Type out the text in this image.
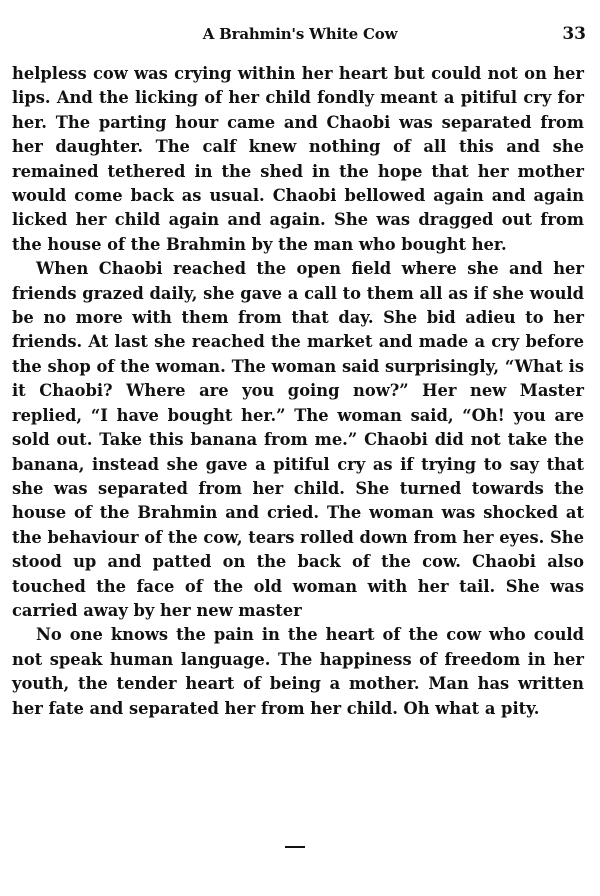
A Brahmin's White Cow	33

helpless cow was crying within her heart but could not on her lips. And the licking of her child fondly meant a pitiful cry for her. The parting hour came and Chaobi was separated from her daughter. The calf knew nothing of all this and she remained tethered in the shed in the hope that her mother would come back as usual. Chaobi bellowed again and again licked her child again and again. She was dragged out from the house of the Brahmin by the man who bought her.

When Chaobi reached the open field where she and her friends grazed daily, she gave a call to them all as if she would be no more with them from that day. She bid adieu to her friends. At last she reached the market and made a cry before the shop of the woman. The woman said surprisingly, “What is it Chaobi? Where are you going now?” Her new Master replied, “I have bought her.” The woman said, “Oh! you are sold out. Take this banana from me.” Chaobi did not take the banana, instead she gave a pitiful cry as if trying to say that she was separated from her child. She turned towards the house of the Brahmin and cried. The woman was shocked at the behaviour of the cow, tears rolled down from her eyes. She stood up and patted on the back of the cow. Chaobi also touched the face of the old woman with her tail. She was carried away by her new master

No one knows the pain in the heart of the cow who could not speak human language. The happiness of freedom in her youth, the tender heart of being a mother. Man has written her fate and separated her from her child. Oh what a pity.
